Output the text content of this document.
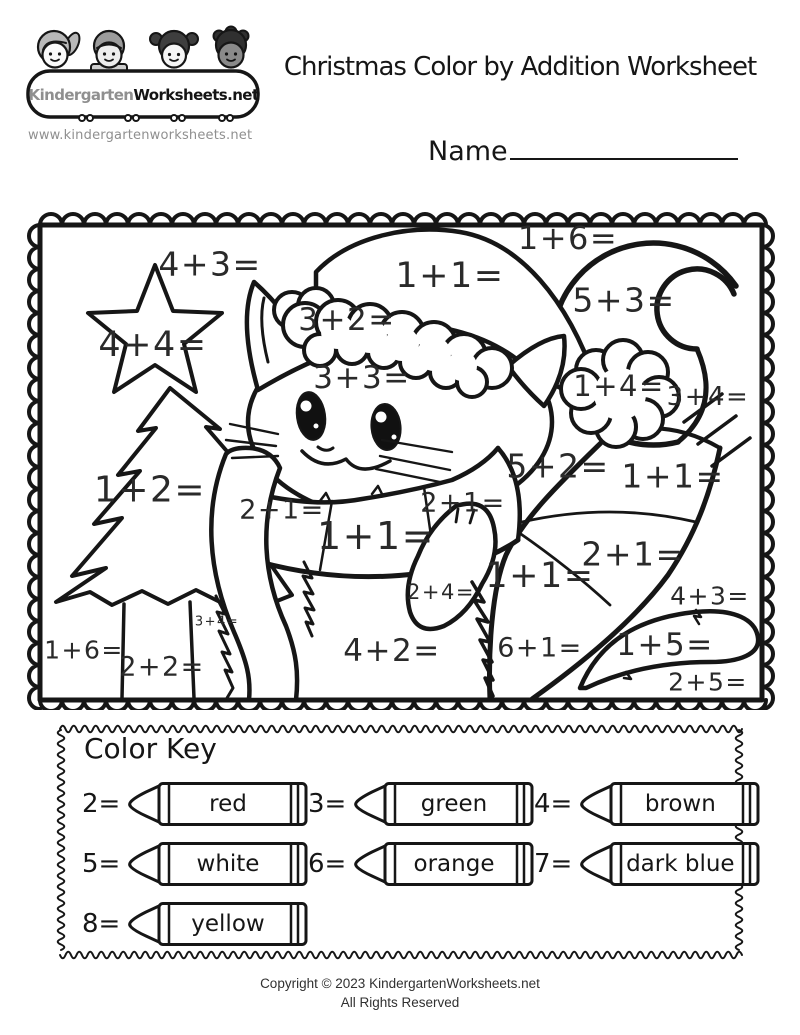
KindergartenWorksheets.net
www.kindergartenworksheets.net
Christmas Color by Addition Worksheet
Name
4+3=	1+1=
1+6=
5+3=
3+2=
4+4=
3+3=	1+4= 3+4=
1+2=
5+2= 1+1=
2+1=
1+1=
2+1=
2+1=
1+1=
2+4=	4+3=
3+4=
1+6=
2+2=	4+2= 6+1= 1+5=
2+5=
Color Key
2=	red	3=	green	4=	brown
5=	white	6=	orange	7= dark blue
8=	yellow
Copyright © 2023 KindergartenWorksheets.net
All Rights Reserved
